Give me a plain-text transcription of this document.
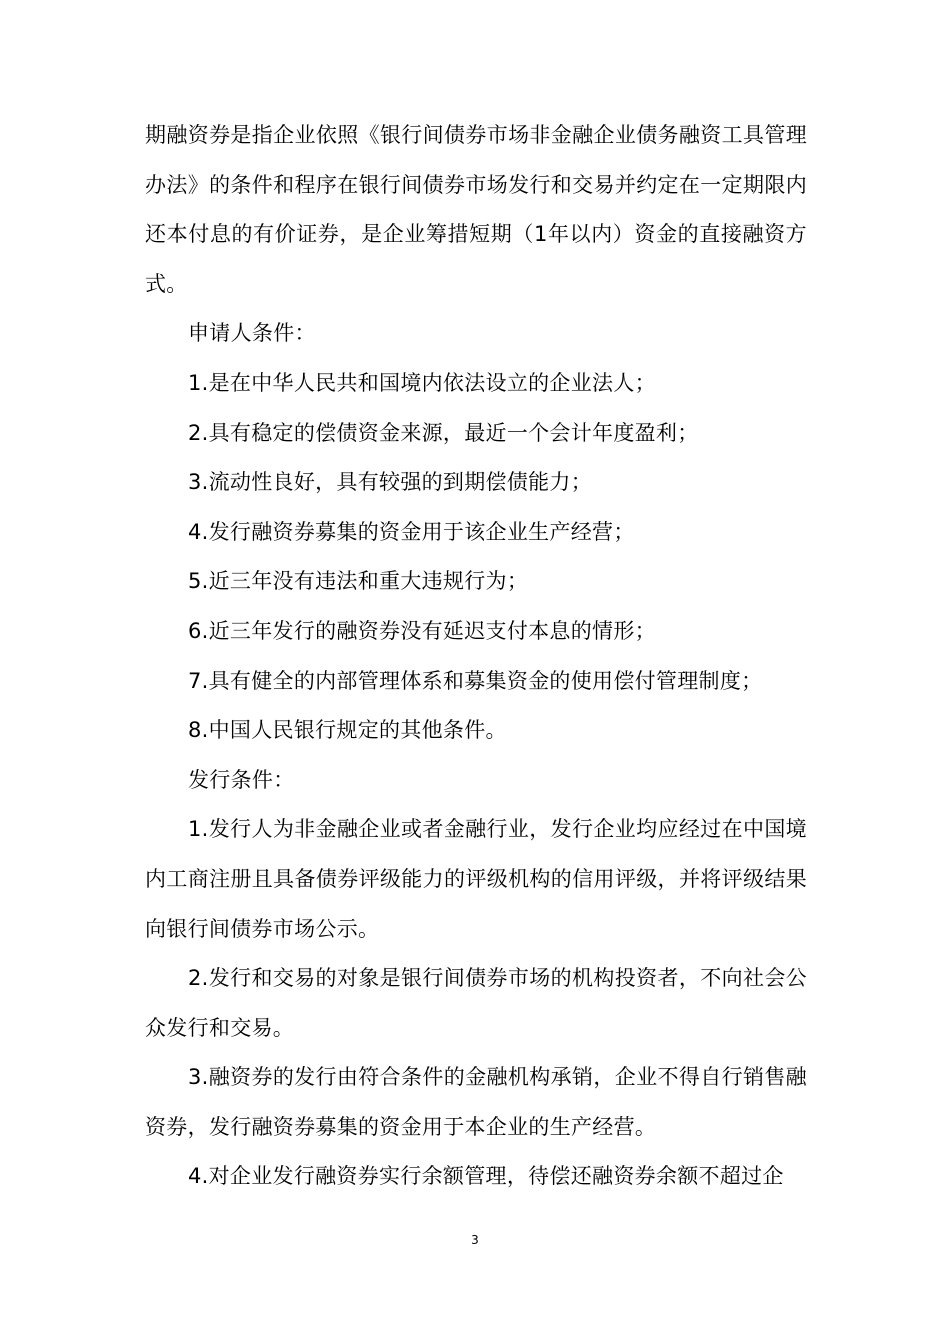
期融资券是指企业依照《银行间债券市场非金融企业债务融资工具管理办法》的条件和程序在银行间债券市场发行和交易并约定在一定期限内还本付息的有价证券，是企业筹措短期（1年以内）资金的直接融资方式。

申请人条件：

1.是在中华人民共和国境内依法设立的企业法人；

2.具有稳定的偿债资金来源，最近一个会计年度盈利；

3.流动性良好，具有较强的到期偿债能力；

4.发行融资券募集的资金用于该企业生产经营；

5.近三年没有违法和重大违规行为；

6.近三年发行的融资券没有延迟支付本息的情形；

7.具有健全的内部管理体系和募集资金的使用偿付管理制度；

8.中国人民银行规定的其他条件。

发行条件：

1.发行人为非金融企业或者金融行业，发行企业均应经过在中国境内工商注册且具备债券评级能力的评级机构的信用评级，并将评级结果向银行间债券市场公示。

2.发行和交易的对象是银行间债券市场的机构投资者，不向社会公众发行和交易。

3.融资券的发行由符合条件的金融机构承销，企业不得自行销售融资券，发行融资券募集的资金用于本企业的生产经营。

4.对企业发行融资券实行余额管理，待偿还融资券余额不超过企

3
